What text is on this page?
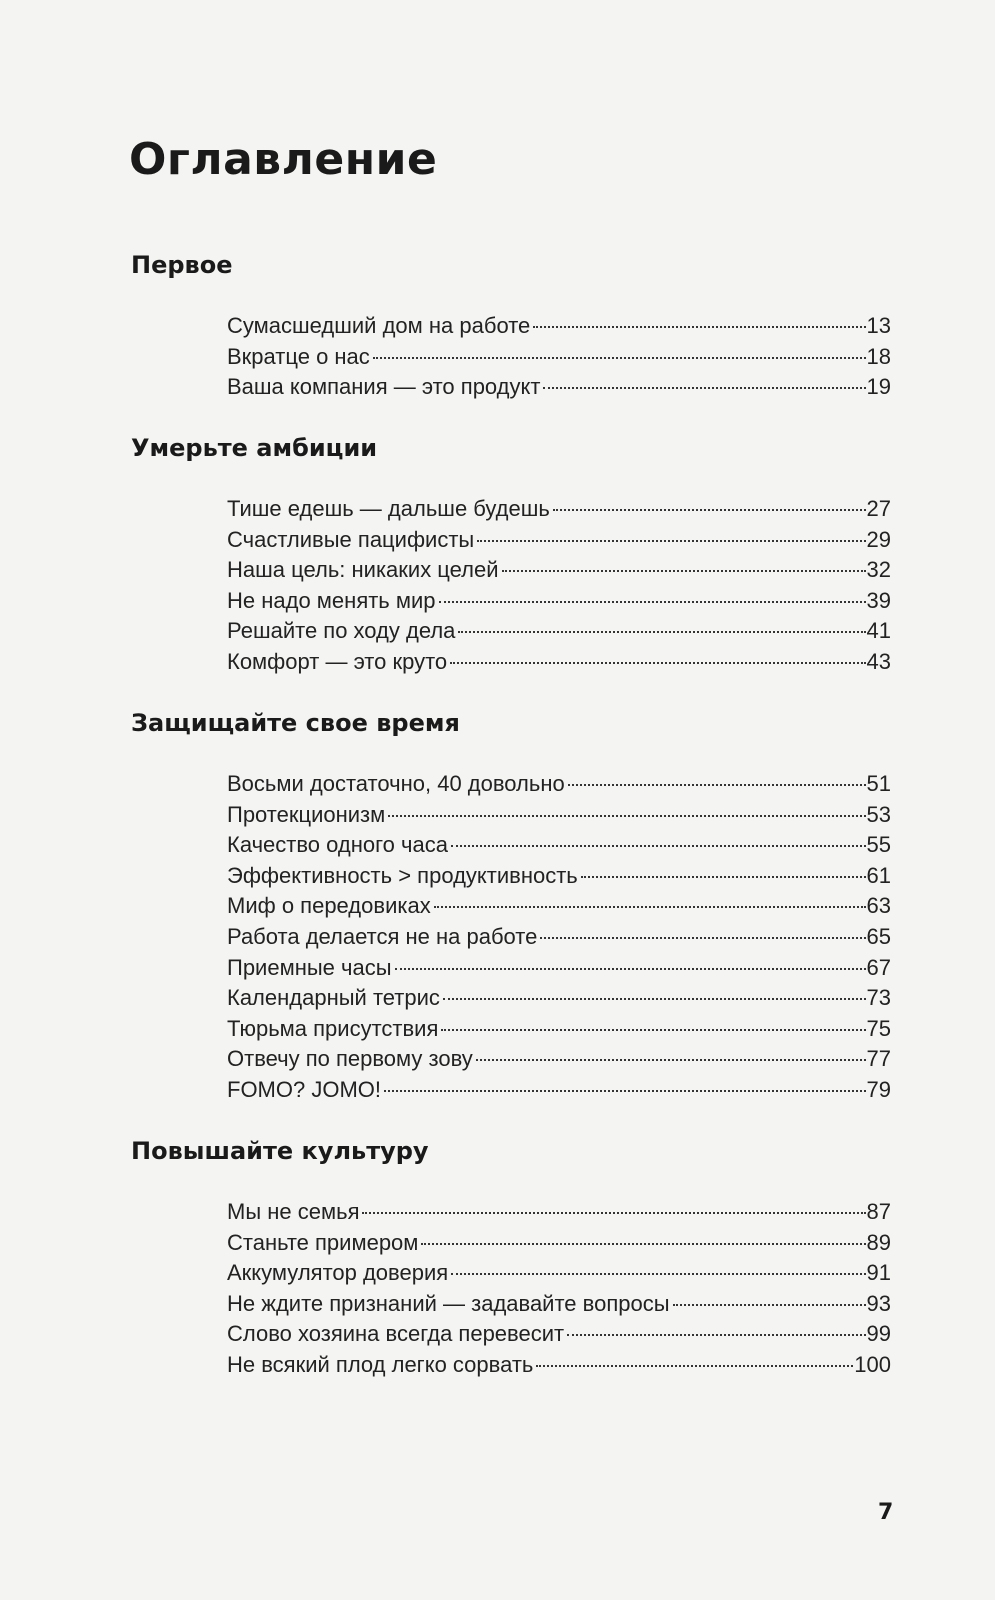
Оглавление
Первое
Сумасшедший дом на работе	13
Вкратце о нас	18
Ваша компания — это продукт	19
Умерьте амбиции
Тише едешь — дальше будешь	27
Счастливые пацифисты	29
Наша цель: никаких целей	32
Не надо менять мир	39
Решайте по ходу дела	41
Комфорт — это круто	43
Защищайте свое время
Восьми достаточно, 40 довольно	51
Протекционизм	53
Качество одного часа	55
Эффективность > продуктивность	61
Миф о передовиках	63
Работа делается не на работе	65
Приемные часы	67
Календарный тетрис	73
Тюрьма присутствия	75
Отвечу по первому зову	77
FOMO? JOMO!	79
Повышайте культуру
Мы не семья	87
Станьте примером	89
Аккумулятор доверия	91
Не ждите признаний — задавайте вопросы	93
Слово хозяина всегда перевесит	99
Не всякий плод легко сорвать	100
7
